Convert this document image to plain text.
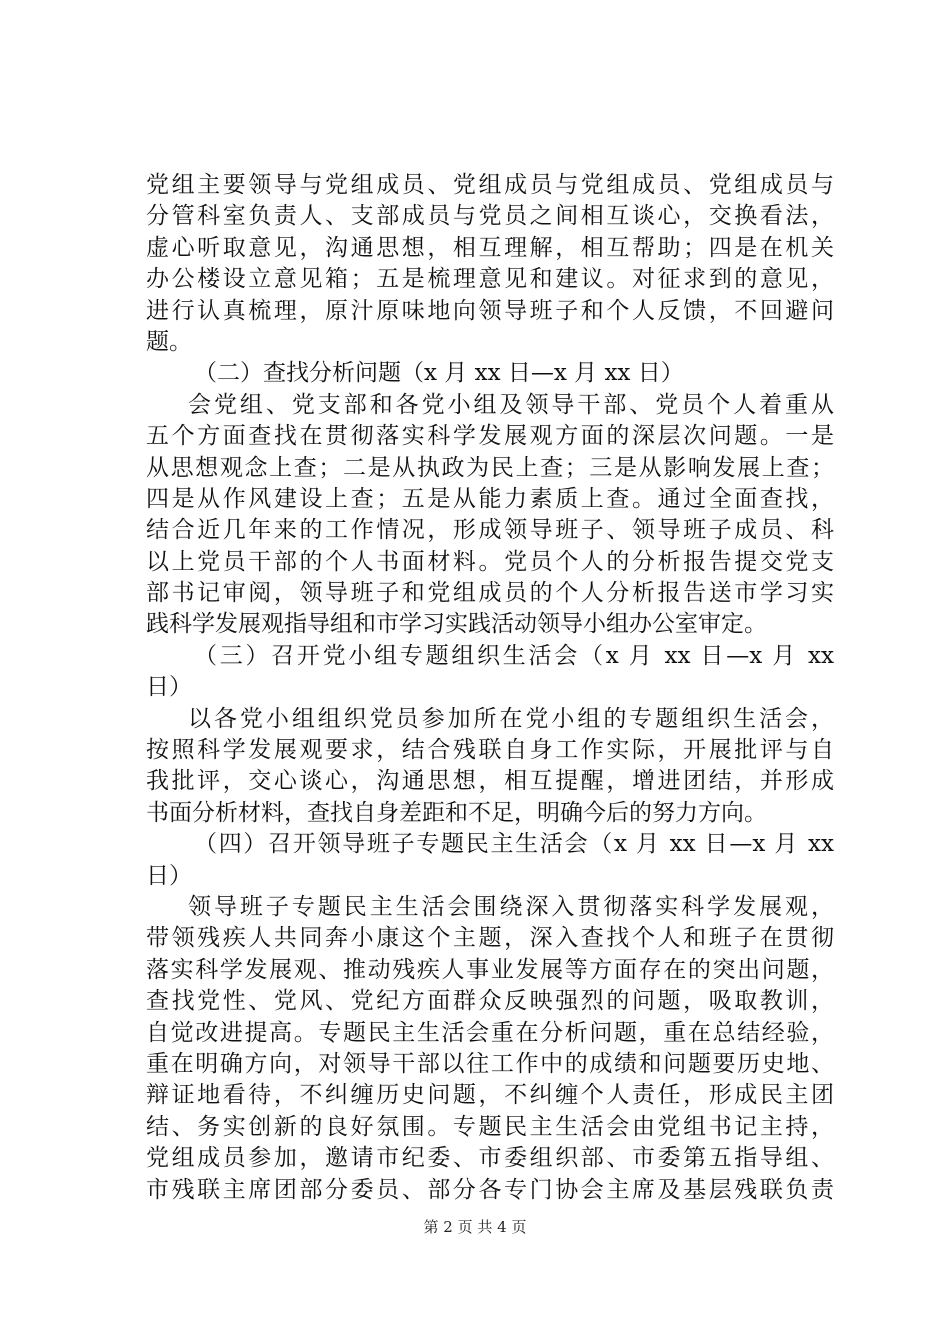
党组主要领导与党组成员、党组成员与党组成员、党组成员与
分管科室负责人、支部成员与党员之间相互谈心，交换看法，
虚心听取意见，沟通思想，相互理解，相互帮助；四是在机关
办公楼设立意见箱；五是梳理意见和建议。对征求到的意见，
进行认真梳理，原汁原味地向领导班子和个人反馈，不回避问
题。
（二）查找分析问题（x 月 xx 日—x 月 xx 日）
会党组、党支部和各党小组及领导干部、党员个人着重从
五个方面查找在贯彻落实科学发展观方面的深层次问题。一是
从思想观念上查；二是从执政为民上查；三是从影响发展上查；
四是从作风建设上查；五是从能力素质上查。通过全面查找，
结合近几年来的工作情况，形成领导班子、领导班子成员、科
以上党员干部的个人书面材料。党员个人的分析报告提交党支
部书记审阅，领导班子和党组成员的个人分析报告送市学习实
践科学发展观指导组和市学习实践活动领导小组办公室审定。
（三）召开党小组专题组织生活会（x 月 xx 日—x 月 xx
日）
以各党小组组织党员参加所在党小组的专题组织生活会，
按照科学发展观要求，结合残联自身工作实际，开展批评与自
我批评，交心谈心，沟通思想，相互提醒，增进团结，并形成
书面分析材料，查找自身差距和不足，明确今后的努力方向。
（四）召开领导班子专题民主生活会（x 月 xx 日—x 月 xx
日）
领导班子专题民主生活会围绕深入贯彻落实科学发展观，
带领残疾人共同奔小康这个主题，深入查找个人和班子在贯彻
落实科学发展观、推动残疾人事业发展等方面存在的突出问题，
查找党性、党风、党纪方面群众反映强烈的问题，吸取教训，
自觉改进提高。专题民主生活会重在分析问题，重在总结经验，
重在明确方向，对领导干部以往工作中的成绩和问题要历史地、
辩证地看待，不纠缠历史问题，不纠缠个人责任，形成民主团
结、务实创新的良好氛围。专题民主生活会由党组书记主持，
党组成员参加，邀请市纪委、市委组织部、市委第五指导组、
市残联主席团部分委员、部分各专门协会主席及基层残联负责
第 2 页 共 4 页
